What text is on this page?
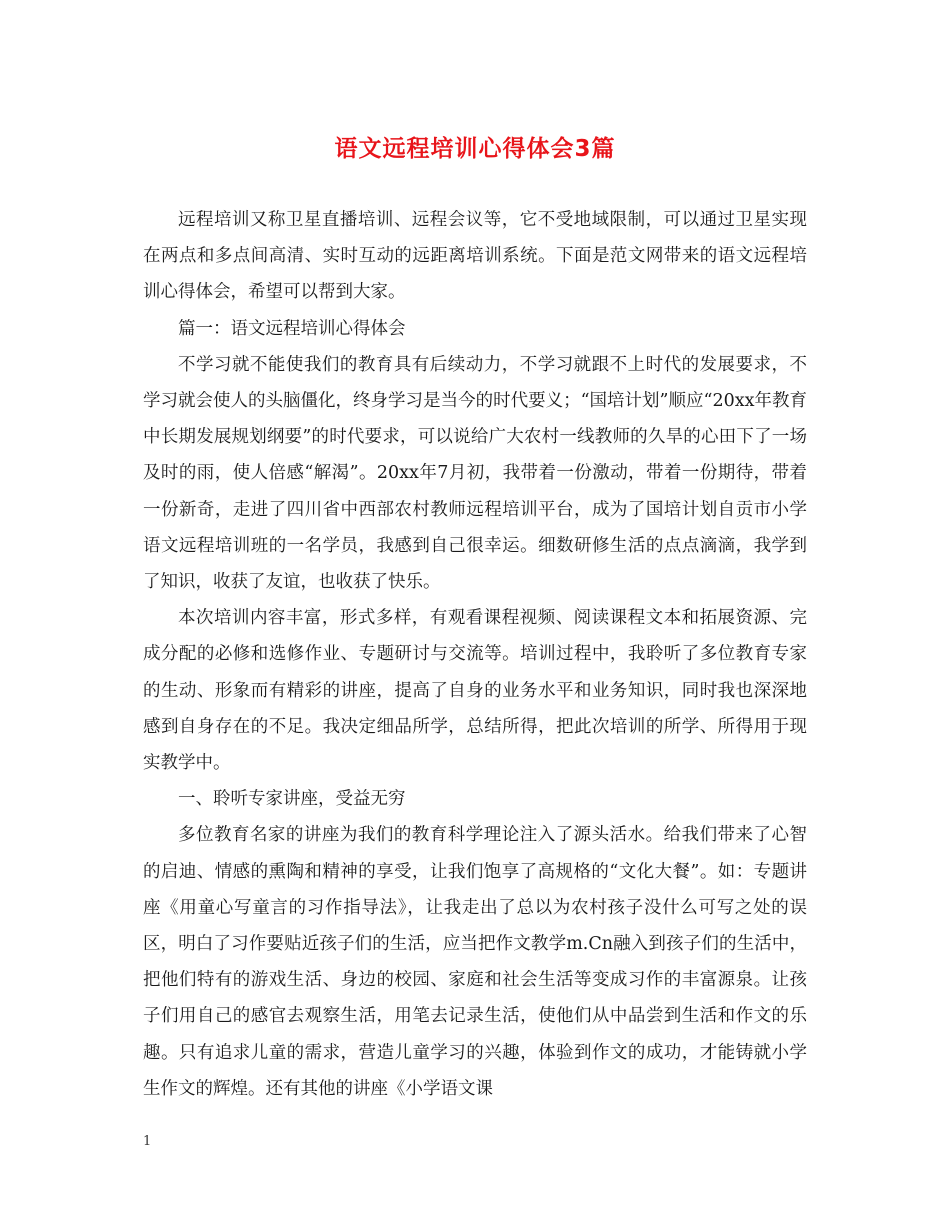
语文远程培训心得体会3篇

远程培训又称卫星直播培训、远程会议等，它不受地域限制，可以通过卫星实现在两点和多点间高清、实时互动的远距离培训系统。下面是范文网带来的语文远程培训心得体会，希望可以帮到大家。

篇一：语文远程培训心得体会

不学习就不能使我们的教育具有后续动力，不学习就跟不上时代的发展要求，不学习就会使人的头脑僵化，终身学习是当今的时代要义；“国培计划”顺应“20xx年教育中长期发展规划纲要”的时代要求，可以说给广大农村一线教师的久旱的心田下了一场及时的雨，使人倍感“解渴”。20xx年7月初，我带着一份激动，带着一份期待，带着一份新奇，走进了四川省中西部农村教师远程培训平台，成为了国培计划自贡市小学语文远程培训班的一名学员，我感到自己很幸运。细数研修生活的点点滴滴，我学到了知识，收获了友谊，也收获了快乐。

本次培训内容丰富，形式多样，有观看课程视频、阅读课程文本和拓展资源、完成分配的必修和选修作业、专题研讨与交流等。培训过程中，我聆听了多位教育专家的生动、形象而有精彩的讲座，提高了自身的业务水平和业务知识，同时我也深深地感到自身存在的不足。我决定细品所学，总结所得，把此次培训的所学、所得用于现实教学中。

一、聆听专家讲座，受益无穷

多位教育名家的讲座为我们的教育科学理论注入了源头活水。给我们带来了心智的启迪、情感的熏陶和精神的享受，让我们饱享了高规格的“文化大餐”。如：专题讲座《用童心写童言的习作指导法》，让我走出了总以为农村孩子没什么可写之处的误区，明白了习作要贴近孩子们的生活，应当把作文教学m.Cn融入到孩子们的生活中，把他们特有的游戏生活、身边的校园、家庭和社会生活等变成习作的丰富源泉。让孩子们用自己的感官去观察生活，用笔去记录生活，使他们从中品尝到生活和作文的乐趣。只有追求儿童的需求，营造儿童学习的兴趣，体验到作文的成功，才能铸就小学生作文的辉煌。还有其他的讲座《小学语文课

1
